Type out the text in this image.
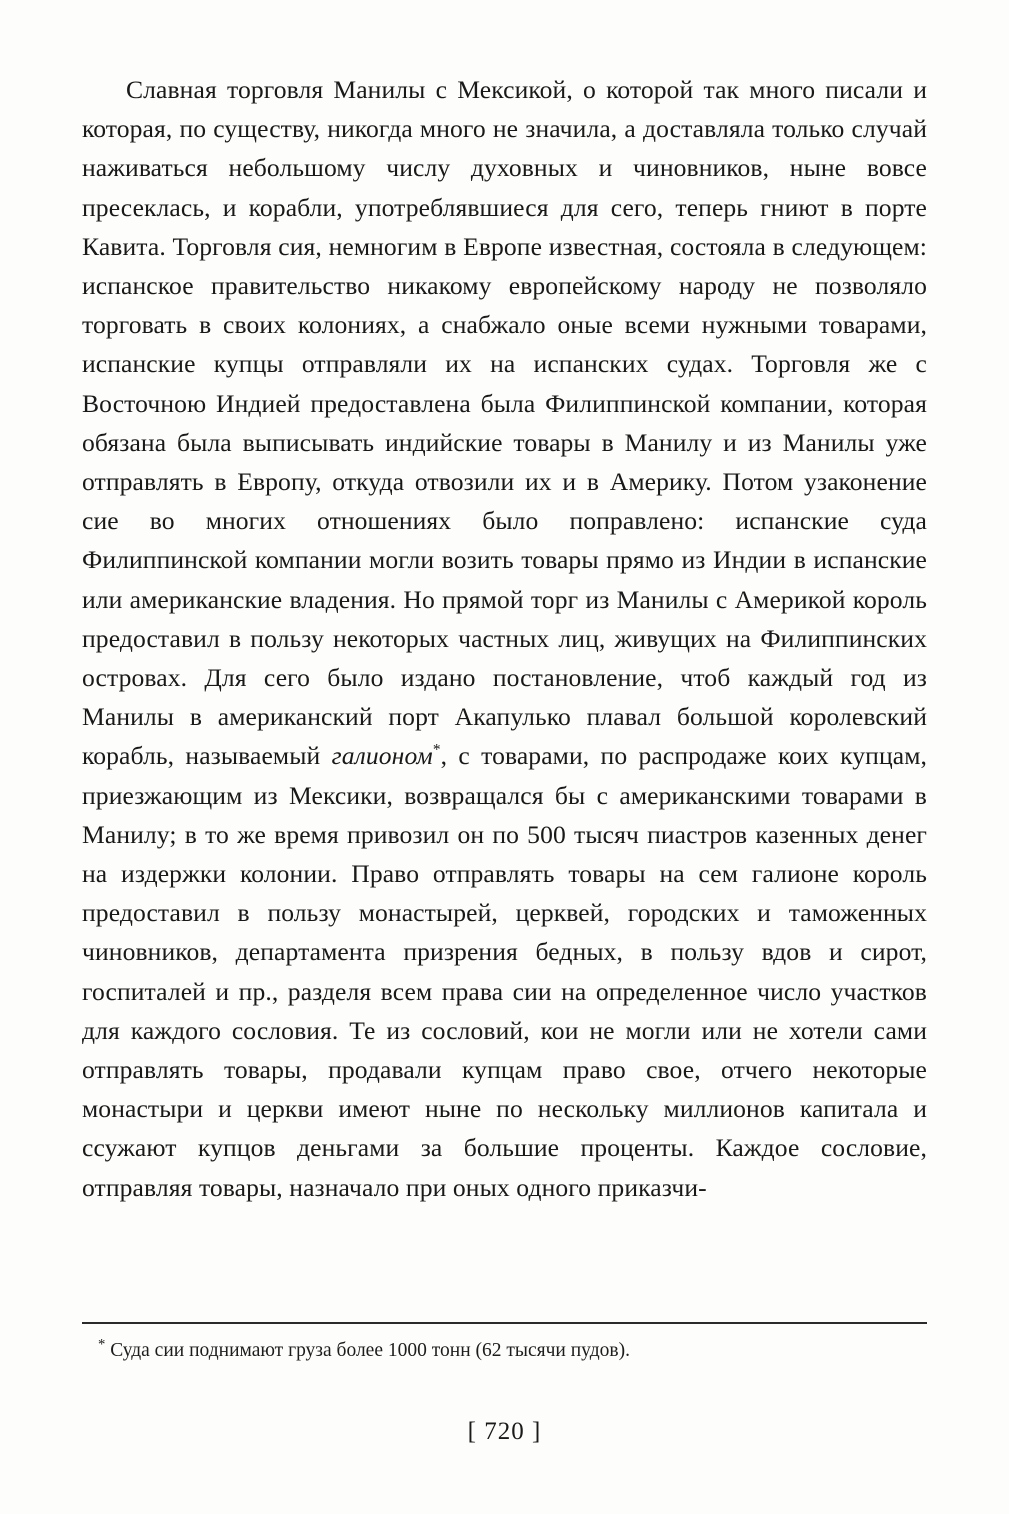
Славная торговля Манилы с Мексикой, о которой так много писали и которая, по существу, никогда много не значила, а доставляла только случай наживаться небольшому числу духовных и чиновников, ныне вовсе пресеклась, и корабли, употреблявшиеся для сего, теперь гниют в порте Кавита. Торговля сия, немногим в Европе известная, состояла в следующем: испанское правительство никакому европейскому народу не позволяло торговать в своих колониях, а снабжало оные всеми нужными товарами, испанские купцы отправляли их на испанских судах. Торговля же с Восточною Индией предоставлена была Филиппинской компании, которая обязана была выписывать индийские товары в Манилу и из Манилы уже отправлять в Европу, откуда отвозили их и в Америку. Потом узаконение сие во многих отношениях было поправлено: испанские суда Филиппинской компании могли возить товары прямо из Индии в испанские или американские владения. Но прямой торг из Манилы с Америкой король предоставил в пользу некоторых частных лиц, живущих на Филиппинских островах. Для сего было издано постановление, чтоб каждый год из Манилы в американский порт Акапулько плавал большой королевский корабль, называемый галионом*, с товарами, по распродаже коих купцам, приезжающим из Мексики, возвращался бы с американскими товарами в Манилу; в то же время привозил он по 500 тысяч пиастров казенных денег на издержки колонии. Право отправлять товары на сем галионе король предоставил в пользу монастырей, церквей, городских и таможенных чиновников, департамента призрения бедных, в пользу вдов и сирот, госпиталей и пр., разделя всем права сии на определенное число участков для каждого сословия. Те из сословий, кои не могли или не хотели сами отправлять товары, продавали купцам право свое, отчего некоторые монастыри и церкви имеют ныне по нескольку миллионов капитала и ссужают купцов деньгами за большие проценты. Каждое сословие, отправляя товары, назначало при оных одного приказчи-

* Суда сии поднимают груза более 1000 тонн (62 тысячи пудов).
[ 720 ]
